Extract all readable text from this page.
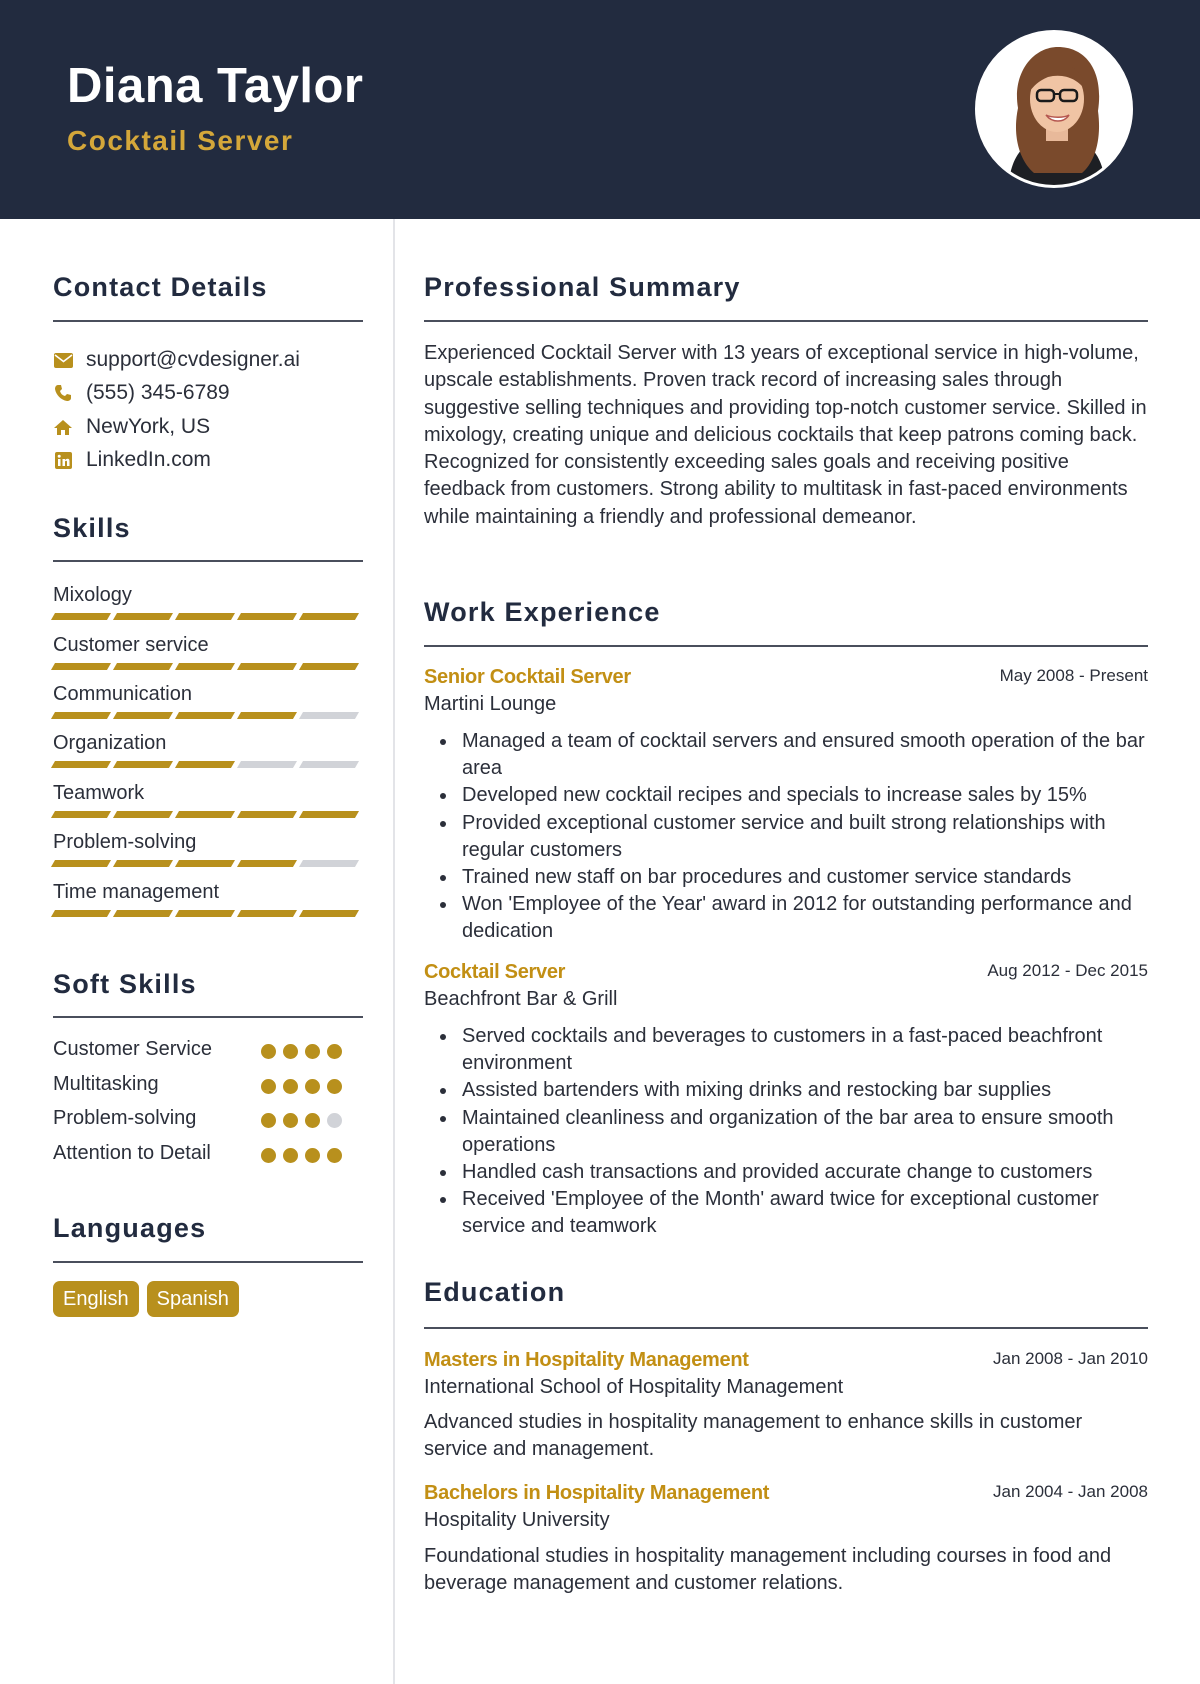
Diana Taylor
Cocktail Server
Contact Details
support@cvdesigner.ai
(555) 345-6789
NewYork, US
LinkedIn.com
Skills
Mixology
Customer service
Communication
Organization
Teamwork
Problem-solving
Time management
Soft Skills
Customer Service
Multitasking
Problem-solving
Attention to Detail
Languages
English	Spanish
Professional Summary
Experienced Cocktail Server with 13 years of exceptional service in high-volume, upscale establishments. Proven track record of increasing sales through suggestive selling techniques and providing top-notch customer service. Skilled in mixology, creating unique and delicious cocktails that keep patrons coming back. Recognized for consistently exceeding sales goals and receiving positive feedback from customers. Strong ability to multitask in fast-paced environments while maintaining a friendly and professional demeanor.
Work Experience
Senior Cocktail Server	May 2008 - Present
Martini Lounge
Managed a team of cocktail servers and ensured smooth operation of the bar area
Developed new cocktail recipes and specials to increase sales by 15%
Provided exceptional customer service and built strong relationships with regular customers
Trained new staff on bar procedures and customer service standards
Won 'Employee of the Year' award in 2012 for outstanding performance and dedication
Cocktail Server	Aug 2012 - Dec 2015
Beachfront Bar & Grill
Served cocktails and beverages to customers in a fast-paced beachfront environment
Assisted bartenders with mixing drinks and restocking bar supplies
Maintained cleanliness and organization of the bar area to ensure smooth operations
Handled cash transactions and provided accurate change to customers
Received 'Employee of the Month' award twice for exceptional customer service and teamwork
Education
Masters in Hospitality Management	Jan 2008 - Jan 2010
International School of Hospitality Management
Advanced studies in hospitality management to enhance skills in customer service and management.
Bachelors in Hospitality Management	Jan 2004 - Jan 2008
Hospitality University
Foundational studies in hospitality management including courses in food and beverage management and customer relations.
